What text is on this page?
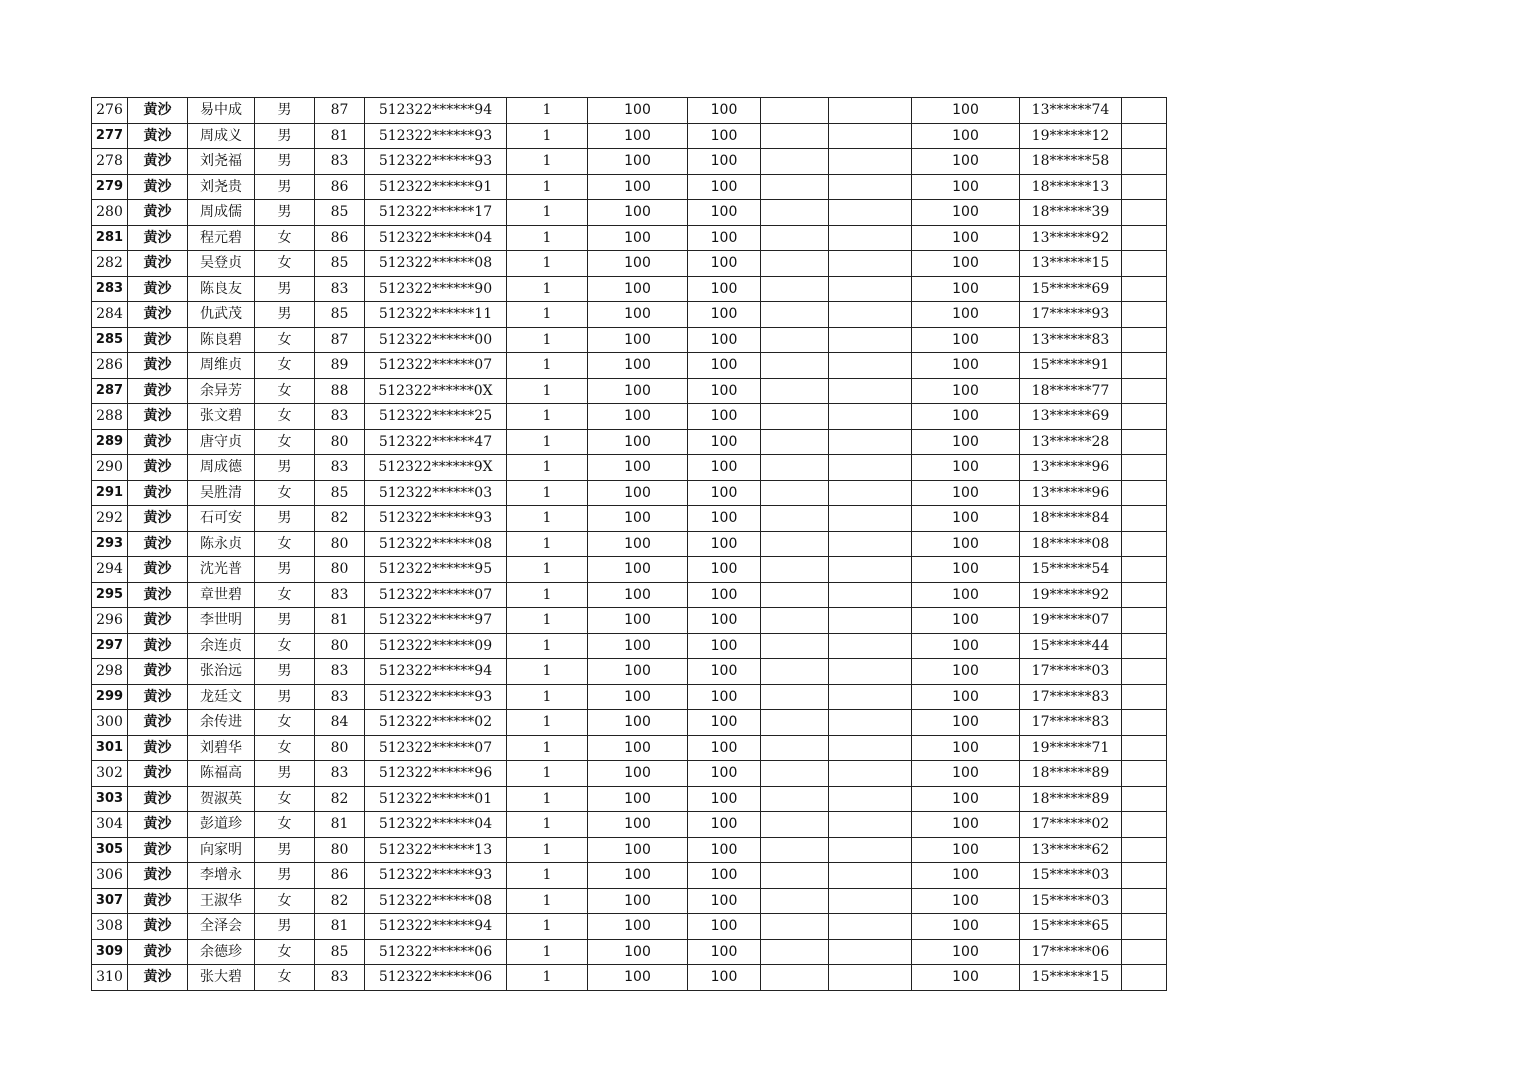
276	黄沙	易中成	男	87	512322******94	1	100	100			100	13******74	
277	黄沙	周成义	男	81	512322******93	1	100	100			100	19******12	
278	黄沙	刘尧福	男	83	512322******93	1	100	100			100	18******58	
279	黄沙	刘尧贵	男	86	512322******91	1	100	100			100	18******13	
280	黄沙	周成儒	男	85	512322******17	1	100	100			100	18******39	
281	黄沙	程元碧	女	86	512322******04	1	100	100			100	13******92	
282	黄沙	吴登贞	女	85	512322******08	1	100	100			100	13******15	
283	黄沙	陈良友	男	83	512322******90	1	100	100			100	15******69	
284	黄沙	仇武茂	男	85	512322******11	1	100	100			100	17******93	
285	黄沙	陈良碧	女	87	512322******00	1	100	100			100	13******83	
286	黄沙	周维贞	女	89	512322******07	1	100	100			100	15******91	
287	黄沙	余异芳	女	88	512322******0X	1	100	100			100	18******77	
288	黄沙	张文碧	女	83	512322******25	1	100	100			100	13******69	
289	黄沙	唐守贞	女	80	512322******47	1	100	100			100	13******28	
290	黄沙	周成德	男	83	512322******9X	1	100	100			100	13******96	
291	黄沙	吴胜清	女	85	512322******03	1	100	100			100	13******96	
292	黄沙	石可安	男	82	512322******93	1	100	100			100	18******84	
293	黄沙	陈永贞	女	80	512322******08	1	100	100			100	18******08	
294	黄沙	沈光普	男	80	512322******95	1	100	100			100	15******54	
295	黄沙	章世碧	女	83	512322******07	1	100	100			100	19******92	
296	黄沙	李世明	男	81	512322******97	1	100	100			100	19******07	
297	黄沙	余连贞	女	80	512322******09	1	100	100			100	15******44	
298	黄沙	张治远	男	83	512322******94	1	100	100			100	17******03	
299	黄沙	龙廷文	男	83	512322******93	1	100	100			100	17******83	
300	黄沙	余传进	女	84	512322******02	1	100	100			100	17******83	
301	黄沙	刘碧华	女	80	512322******07	1	100	100			100	19******71	
302	黄沙	陈福高	男	83	512322******96	1	100	100			100	18******89	
303	黄沙	贺淑英	女	82	512322******01	1	100	100			100	18******89	
304	黄沙	彭道珍	女	81	512322******04	1	100	100			100	17******02	
305	黄沙	向家明	男	80	512322******13	1	100	100			100	13******62	
306	黄沙	李增永	男	86	512322******93	1	100	100			100	15******03	
307	黄沙	王淑华	女	82	512322******08	1	100	100			100	15******03	
308	黄沙	全泽会	男	81	512322******94	1	100	100			100	15******65	
309	黄沙	余德珍	女	85	512322******06	1	100	100			100	17******06	
310	黄沙	张大碧	女	83	512322******06	1	100	100			100	15******15	
